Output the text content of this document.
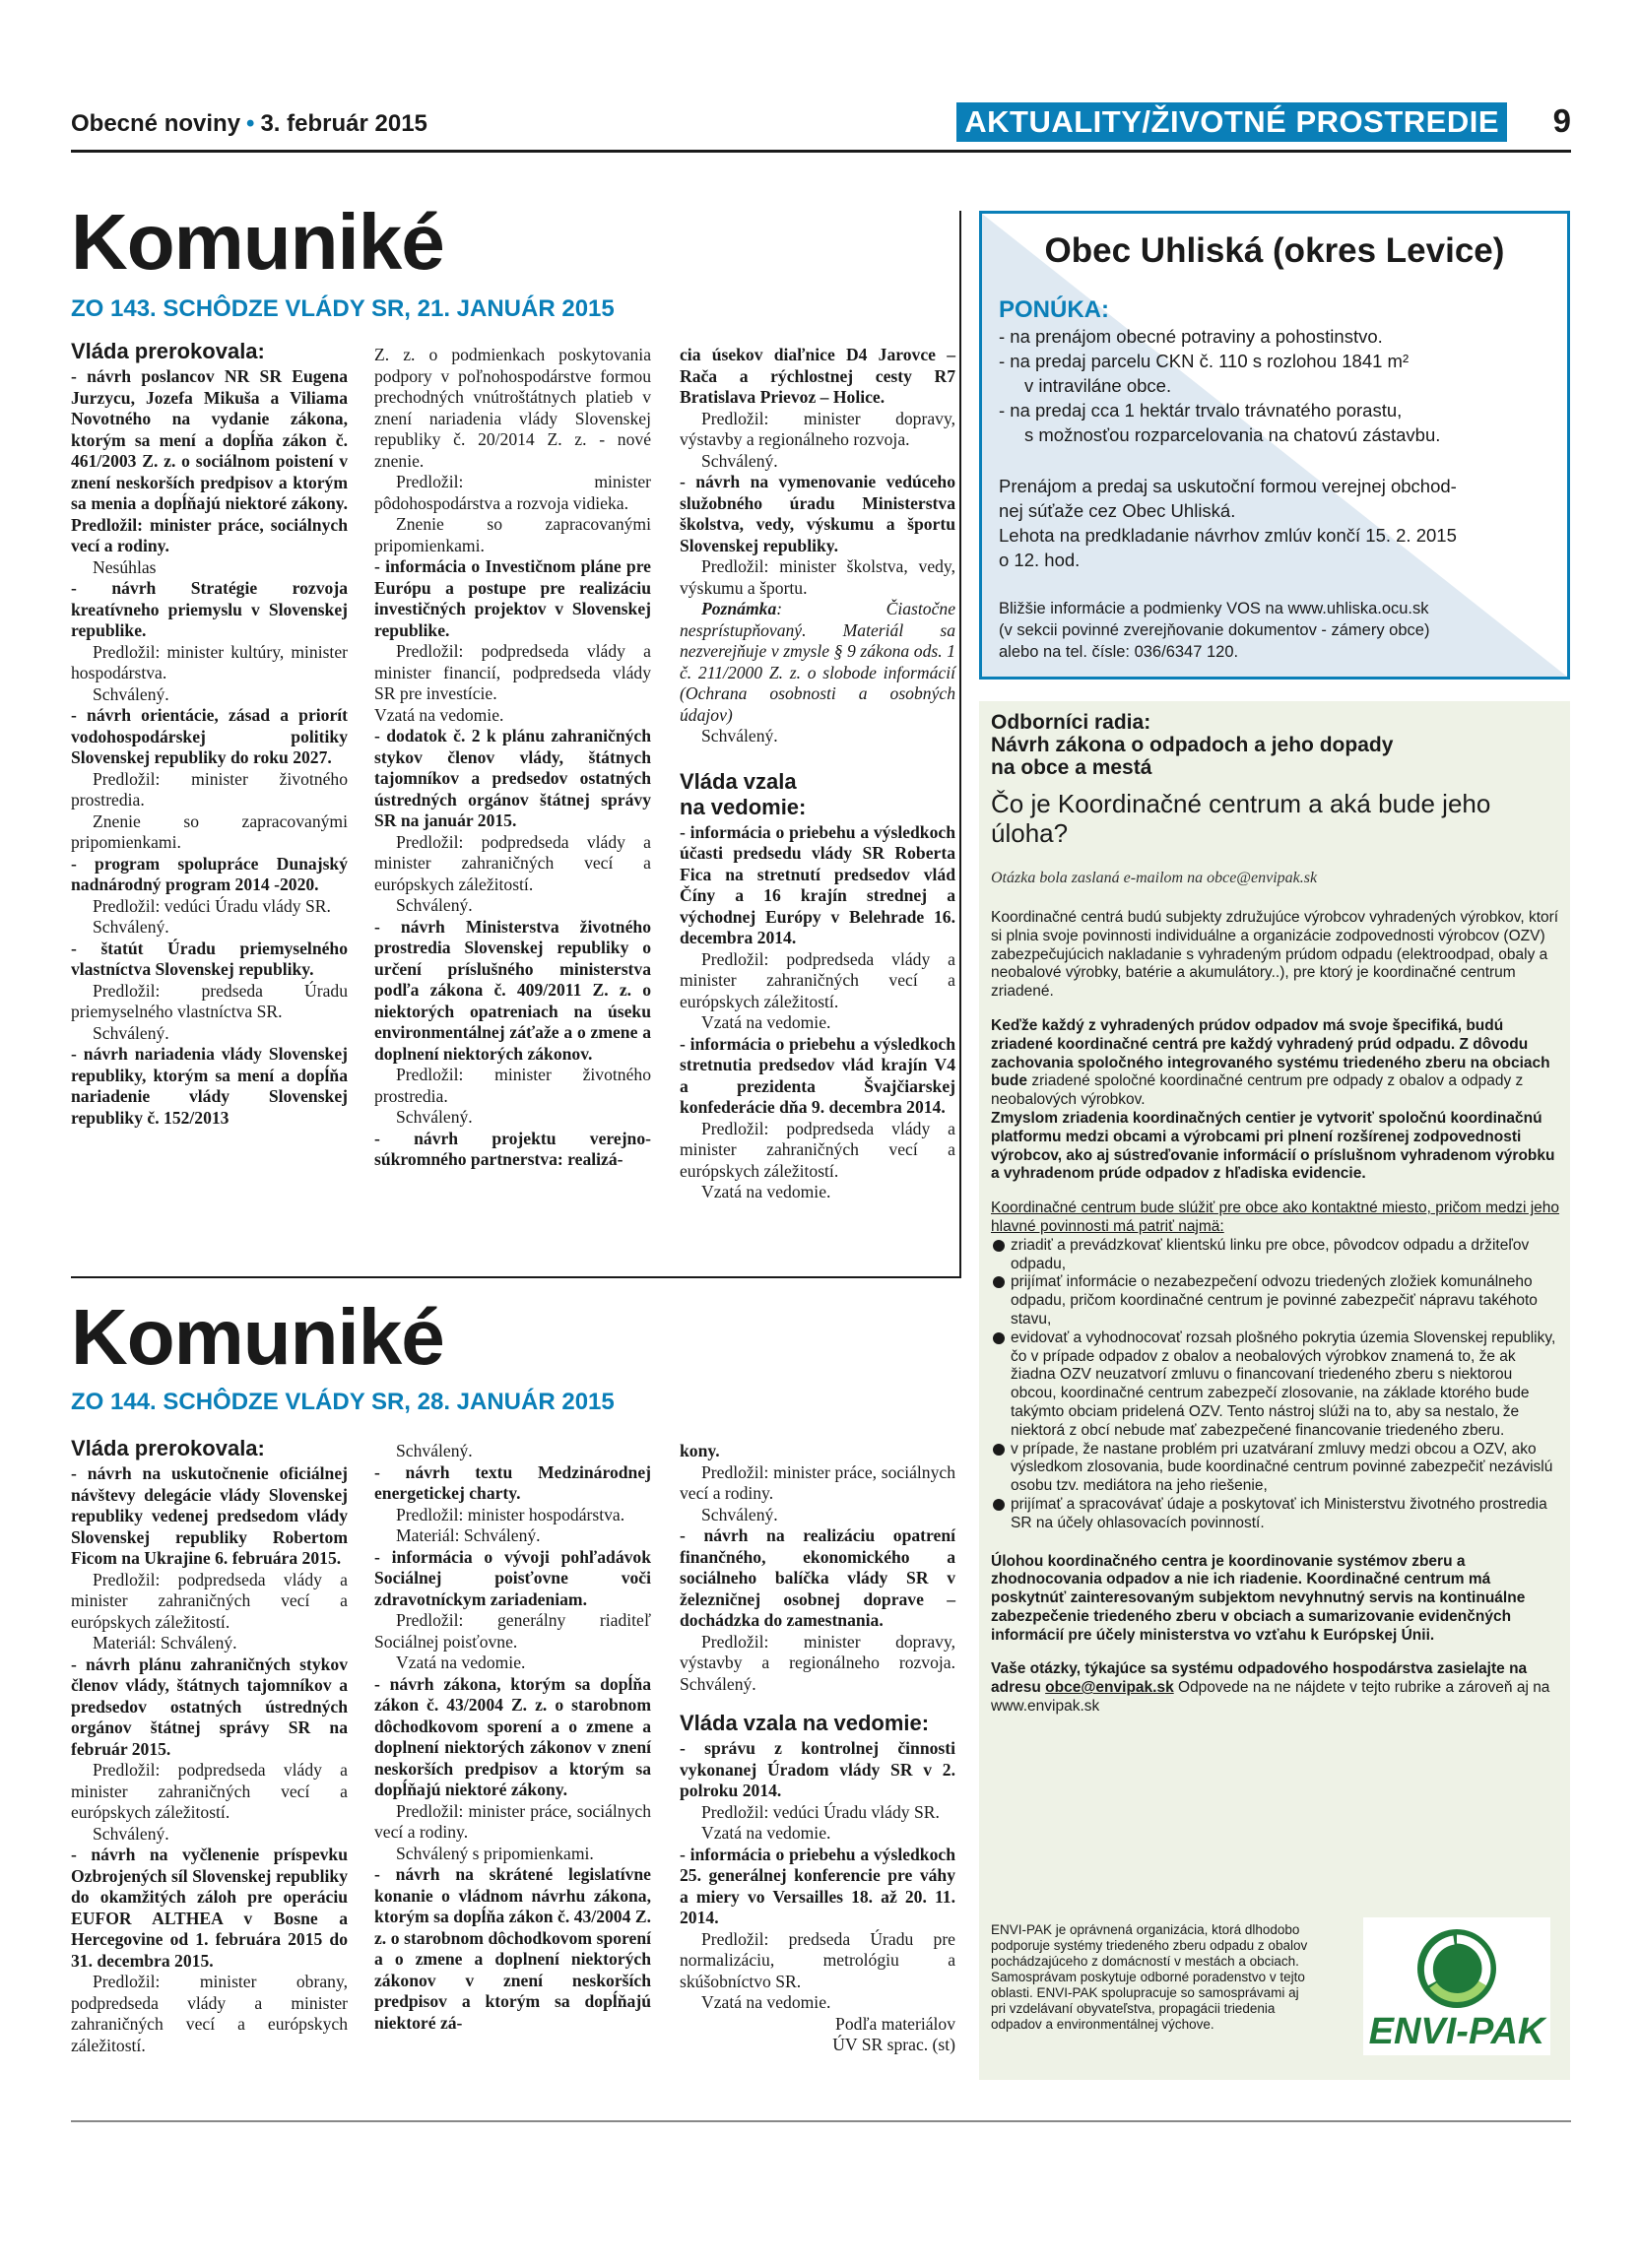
Obecné noviny • 3. február 2015	AKTUALITY/ŽIVOTNÉ PROSTREDIE 9
Komuniké
ZO 143. SCHÔDZE VLÁDY SR, 21. JANUÁR 2015
Vláda prerokovala:

- návrh poslancov NR SR Eugena Jurzycu, Jozefa Mikuša a Viliama Novotného na vydanie zákona, ktorým sa mení a dopĺňa zákon č. 461/2003 Z. z. o sociálnom poistení v znení neskorších predpisov a ktorým sa menia a dopĺňajú niektoré zákony. Predložil: minister práce, sociálnych vecí a rodiny.

Nesúhlas

- návrh Stratégie rozvoja kreatívneho priemyslu v Slovenskej republike.

Predložil: minister kultúry, minister hospodárstva.

Schválený.

- návrh orientácie, zásad a priorít vodohospodárskej politiky Slovenskej republiky do roku 2027.

Predložil: minister životného prostredia.

Znenie so zapracovanými pripomienkami.

- program spolupráce Dunajský nadnárodný program 2014 -2020.

Predložil: vedúci Úradu vlády SR.

Schválený.

- štatút Úradu priemyselného vlastníctva Slovenskej republiky.

Predložil: predseda Úradu priemyselného vlastníctva SR.

Schválený.

- návrh nariadenia vlády Slovenskej republiky, ktorým sa mení a dopĺňa nariadenie vlády Slovenskej republiky č. 152/2013

Z. z. o podmienkach poskytovania podpory v poľnohospodárstve formou prechodných vnútroštátnych platieb v znení nariadenia vlády Slovenskej republiky č. 20/2014 Z. z. - nové znenie.

Predložil: minister pôdohospodárstva a rozvoja vidieka.

Znenie so zapracovanými pripomienkami.

- informácia o Investičnom pláne pre Európu a postupe pre realizáciu investičných projektov v Slovenskej republike.

Predložil: podpredseda vlády a minister financií, podpredseda vlády SR pre investície.

Vzatá na vedomie.

- dodatok č. 2 k plánu zahraničných stykov členov vlády, štátnych tajomníkov a predsedov ostatných ústredných orgánov štátnej správy SR na január 2015.

Predložil: podpredseda vlády a minister zahraničných vecí a európskych záležitostí.

Schválený.

- návrh Ministerstva životného prostredia Slovenskej republiky o určení príslušného ministerstva podľa zákona č. 409/2011 Z. z. o niektorých opatreniach na úseku environmentálnej záťaže a o zmene a doplnení niektorých zákonov.

Predložil: minister životného prostredia.

Schválený.

- návrh projektu verejno-súkromného partnerstva: realizá-

cia úsekov diaľnice D4 Jarovce – Rača a rýchlostnej cesty R7 Bratislava Prievoz – Holice.

Predložil: minister dopravy, výstavby a regionálneho rozvoja.

Schválený.

- návrh na vymenovanie vedúceho služobného úradu Ministerstva školstva, vedy, výskumu a športu Slovenskej republiky.

Predložil: minister školstva, vedy, výskumu a športu.

Poznámka: Čiastočne nesprístupňovaný. Materiál sa nezverejňuje v zmysle § 9 zákona ods. 1 č. 211/2000 Z. z. o slobode informácií (Ochrana osobnosti a osobných údajov)

Schválený.

Vláda vzala
na vedomie:

- informácia o priebehu a výsledkoch účasti predsedu vlády SR Roberta Fica na stretnutí predsedov vlád Číny a 16 krajín strednej a východnej Európy v Belehrade 16. decembra 2014.

Predložil: podpredseda vlády a minister zahraničných vecí a európskych záležitostí.

Vzatá na vedomie.

- informácia o priebehu a výsledkoch stretnutia predsedov vlád krajín V4 a prezidenta Švajčiarskej konfederácie dňa 9. decembra 2014.

Predložil: podpredseda vlády a minister zahraničných vecí a európskych záležitostí.

Vzatá na vedomie.

Komuniké
ZO 144. SCHÔDZE VLÁDY SR, 28. JANUÁR 2015
Vláda prerokovala:

- návrh na uskutočnenie oficiálnej návštevy delegácie vlády Slovenskej republiky vedenej predsedom vlády Slovenskej republiky Robertom Ficom na Ukrajine 6. februára 2015.

Predložil: podpredseda vlády a minister zahraničných vecí a európskych záležitostí.

Materiál: Schválený.

- návrh plánu zahraničných stykov členov vlády, štátnych tajomníkov a predsedov ostatných ústredných orgánov štátnej správy SR na február 2015.

Predložil: podpredseda vlády a minister zahraničných vecí a európskych záležitostí.

Schválený.

- návrh na vyčlenenie príspevku Ozbrojených síl Slovenskej republiky do okamžitých záloh pre operáciu EUFOR ALTHEA v Bosne a Hercegovine od 1. februára 2015 do 31. decembra 2015.

Predložil: minister obrany, podpredseda vlády a minister zahraničných vecí a európskych záležitostí.

Schválený.

- návrh textu Medzinárodnej energetickej charty.

Predložil: minister hospodárstva.

Materiál: Schválený.

- informácia o vývoji pohľadávok Sociálnej poisťovne voči zdravotníckym zariadeniam.

Predložil: generálny riaditeľ Sociálnej poisťovne.

Vzatá na vedomie.

- návrh zákona, ktorým sa dopĺňa zákon č. 43/2004 Z. z. o starobnom dôchodkovom sporení a o zmene a doplnení niektorých zákonov v znení neskorších predpisov a ktorým sa dopĺňajú niektoré zákony.

Predložil: minister práce, sociálnych vecí a rodiny.

Schválený s pripomienkami.

- návrh na skrátené legislatívne konanie o vládnom návrhu zákona, ktorým sa dopĺňa zákon č. 43/2004 Z. z. o starobnom dôchodkovom sporení a o zmene a doplnení niektorých zákonov v znení neskorších predpisov a ktorým sa dopĺňajú niektoré zá-

kony.

Predložil: minister práce, sociálnych vecí a rodiny.

Schválený.

- návrh na realizáciu opatrení finančného, ekonomického a sociálneho balíčka vlády SR v železničnej osobnej doprave – dochádzka do zamestnania.

Predložil: minister dopravy, výstavby a regionálneho rozvoja. Schválený.

Vláda vzala na vedomie:

- správu z kontrolnej činnosti vykonanej Úradom vlády SR v 2. polroku 2014.

Predložil: vedúci Úradu vlády SR.

Vzatá na vedomie.

- informácia o priebehu a výsledkoch 25. generálnej konferencie pre váhy a miery vo Versailles 18. až 20. 11. 2014.

Predložil: predseda Úradu pre normalizáciu, metrológiu a skúšobníctvo SR.

Vzatá na vedomie.

Podľa materiálov

ÚV SR sprac. (st)

Obec Uhliská (okres Levice)
PONÚKA:
- na prenájom obecné potraviny a pohostinstvo.
- na predaj parcelu CKN č. 110 s rozlohou 1841 m²
v intraviláne obce.
- na predaj cca 1 hektár trvalo trávnatého porastu,
s možnosťou rozparcelovania na chatovú zástavbu.
Prenájom a predaj sa uskutoční formou verejnej obchod-
nej súťaže cez Obec Uhliská.
Lehota na predkladanie návrhov zmlúv končí 15. 2. 2015
o 12. hod.
Bližšie informácie a podmienky VOS na www.uhliska.ocu.sk
(v sekcii povinné zverejňovanie dokumentov - zámery obce)
alebo na tel. čísle: 036/6347 120.
Odborníci radia:
Návrh zákona o odpadoch a jeho dopady
na obce a mestá
Čo je Koordinačné centrum a aká bude jeho úloha?
Otázka bola zaslaná e-mailom na obce@envipak.sk
Koordinačné centrá budú subjekty združujúce výrobcov vyhradených výrobkov, ktorí si plnia svoje povinnosti individuálne a organizácie zodpovednosti výrobcov (OZV) zabezpečujúcich nakladanie s vyhradeným prúdom odpadu (elektroodpad, obaly a neobalové výrobky, batérie a akumulátory..), pre ktorý je koordinačné centrum zriadené.
Keďže každý z vyhradených prúdov odpadov má svoje špecifiká, budú zriadené koordinačné centrá pre každý vyhradený prúd odpadu. Z dôvodu zachovania spoločného integrovaného systému triedeného zberu na obciach bude zriadené spoločné koordinačné centrum pre odpady z obalov a odpady z neobalových výrobkov.
Zmyslom zriadenia koordinačných centier je vytvoriť spoločnú koordinačnú platformu medzi obcami a výrobcami pri plnení rozšírenej zodpovednosti výrobcov, ako aj sústreďovanie informácií o príslušnom vyhradenom výrobku a vyhradenom prúde odpadov z hľadiska evidencie.
Koordinačné centrum bude slúžiť pre obce ako kontaktné miesto, pričom medzi jeho hlavné povinnosti má patriť najmä:
zriadiť a prevádzkovať klientskú linku pre obce, pôvodcov odpadu a držiteľov odpadu,
prijímať informácie o nezabezpečení odvozu triedených zložiek komunálneho odpadu, pričom koordinačné centrum je povinné zabezpečiť nápravu takéhoto stavu,
evidovať a vyhodnocovať rozsah plošného pokrytia územia Slovenskej republiky, čo v prípade odpadov z obalov a neobalových výrobkov znamená to, že ak žiadna OZV neuzatvorí zmluvu o financovaní triedeného zberu s niektorou obcou, koordinačné centrum zabezpečí zlosovanie, na základe ktorého bude takýmto obciam pridelená OZV. Tento nástroj slúži na to, aby sa nestalo, že niektorá z obcí nebude mať zabezpečené financovanie triedeného zberu.
v prípade, že nastane problém pri uzatváraní zmluvy medzi obcou a OZV, ako výsledkom zlosovania, bude koordinačné centrum povinné zabezpečiť nezávislú osobu tzv. mediátora na jeho riešenie,
prijímať a spracovávať údaje a poskytovať ich Ministerstvu životného prostredia SR na účely ohlasovacích povinností.
Úlohou koordinačného centra je koordinovanie systémov zberu a zhodnocovania odpadov a nie ich riadenie. Koordinačné centrum má poskytnúť zainteresovaným subjektom nevyhnutný servis na kontinuálne zabezpečenie triedeného zberu v obciach a sumarizovanie evidenčných informácií pre účely ministerstva vo vzťahu k Európskej Únii.
Vaše otázky, týkajúce sa systému odpadového hospodárstva zasielajte na adresu obce@envipak.sk Odpovede na ne nájdete v tejto rubrike a zároveň aj na www.envipak.sk
ENVI-PAK je oprávnená organizácia, ktorá dlhodobo podporuje systémy triedeného zberu odpadu z obalov pochádzajúceho z domácností v mestách a obciach. Samosprávam poskytuje odborné poradenstvo v tejto oblasti. ENVI-PAK spolupracuje so samosprávami aj pri vzdelávaní obyvateľstva, propagácii triedenia odpadov a environmentálnej výchove.	ENVI-PAK
